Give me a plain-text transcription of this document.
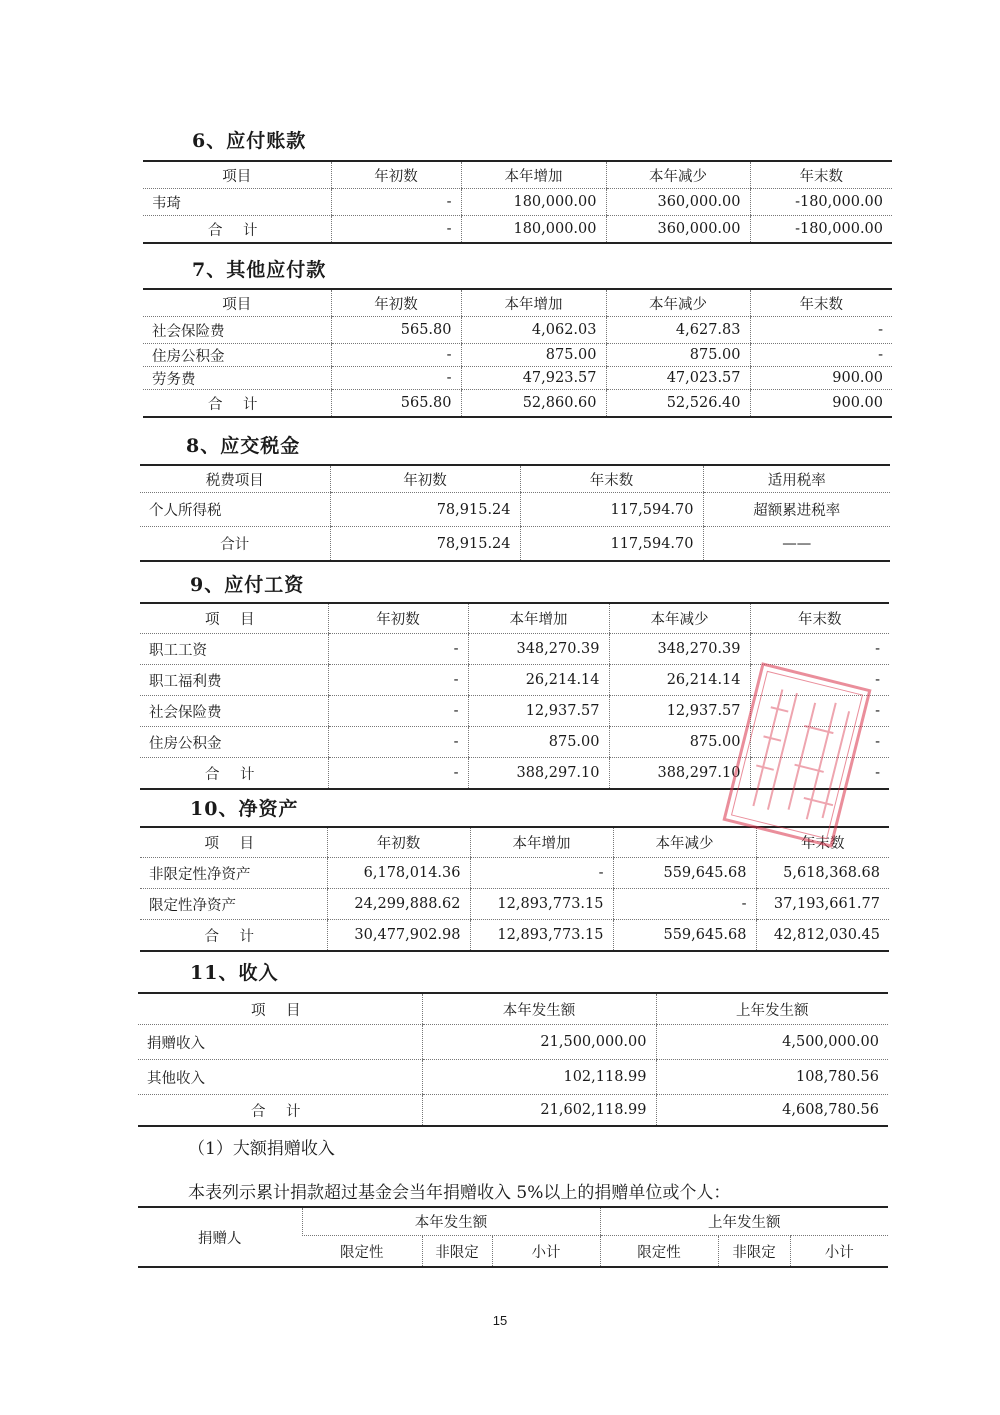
6、应付账款
项目	年初数	本年增加	本年减少	年末数
韦琦	-	180,000.00	360,000.00	-180,000.00
合 计	-	180,000.00	360,000.00	-180,000.00
7、其他应付款
项目	年初数	本年增加	本年减少	年末数
社会保险费	565.80	4,062.03	4,627.83	-
住房公积金	-	875.00	875.00	-
劳务费	-	47,923.57	47,023.57	900.00
合 计	565.80	52,860.60	52,526.40	900.00
8、应交税金
税费项目	年初数	年末数	适用税率
个人所得税	78,915.24	117,594.70	超额累进税率
合计	78,915.24	117,594.70	——
9、应付工资
项 目	年初数	本年增加	本年减少	年末数
职工工资	-	348,270.39	348,270.39	-
职工福利费	-	26,214.14	26,214.14	-
社会保险费	-	12,937.57	12,937.57	-
住房公积金	-	875.00	875.00	-
合 计	-	388,297.10	388,297.10	-
10、净资产
项 目	年初数	本年增加	本年减少	年末数
非限定性净资产	6,178,014.36	-	559,645.68	5,618,368.68
限定性净资产	24,299,888.62	12,893,773.15	-	37,193,661.77
合 计	30,477,902.98	12,893,773.15	559,645.68	42,812,030.45
11、收入
项 目	本年发生额	上年发生额
捐赠收入	21,500,000.00	4,500,000.00
其他收入	102,118.99	108,780.56
合 计	21,602,118.99	4,608,780.56
（1）大额捐赠收入
本表列示累计捐款超过基金会当年捐赠收入 5%以上的捐赠单位或个人：
捐赠人	本年发生额			上年发生额		
	限定性	非限定	小计	限定性	非限定	小计
15
